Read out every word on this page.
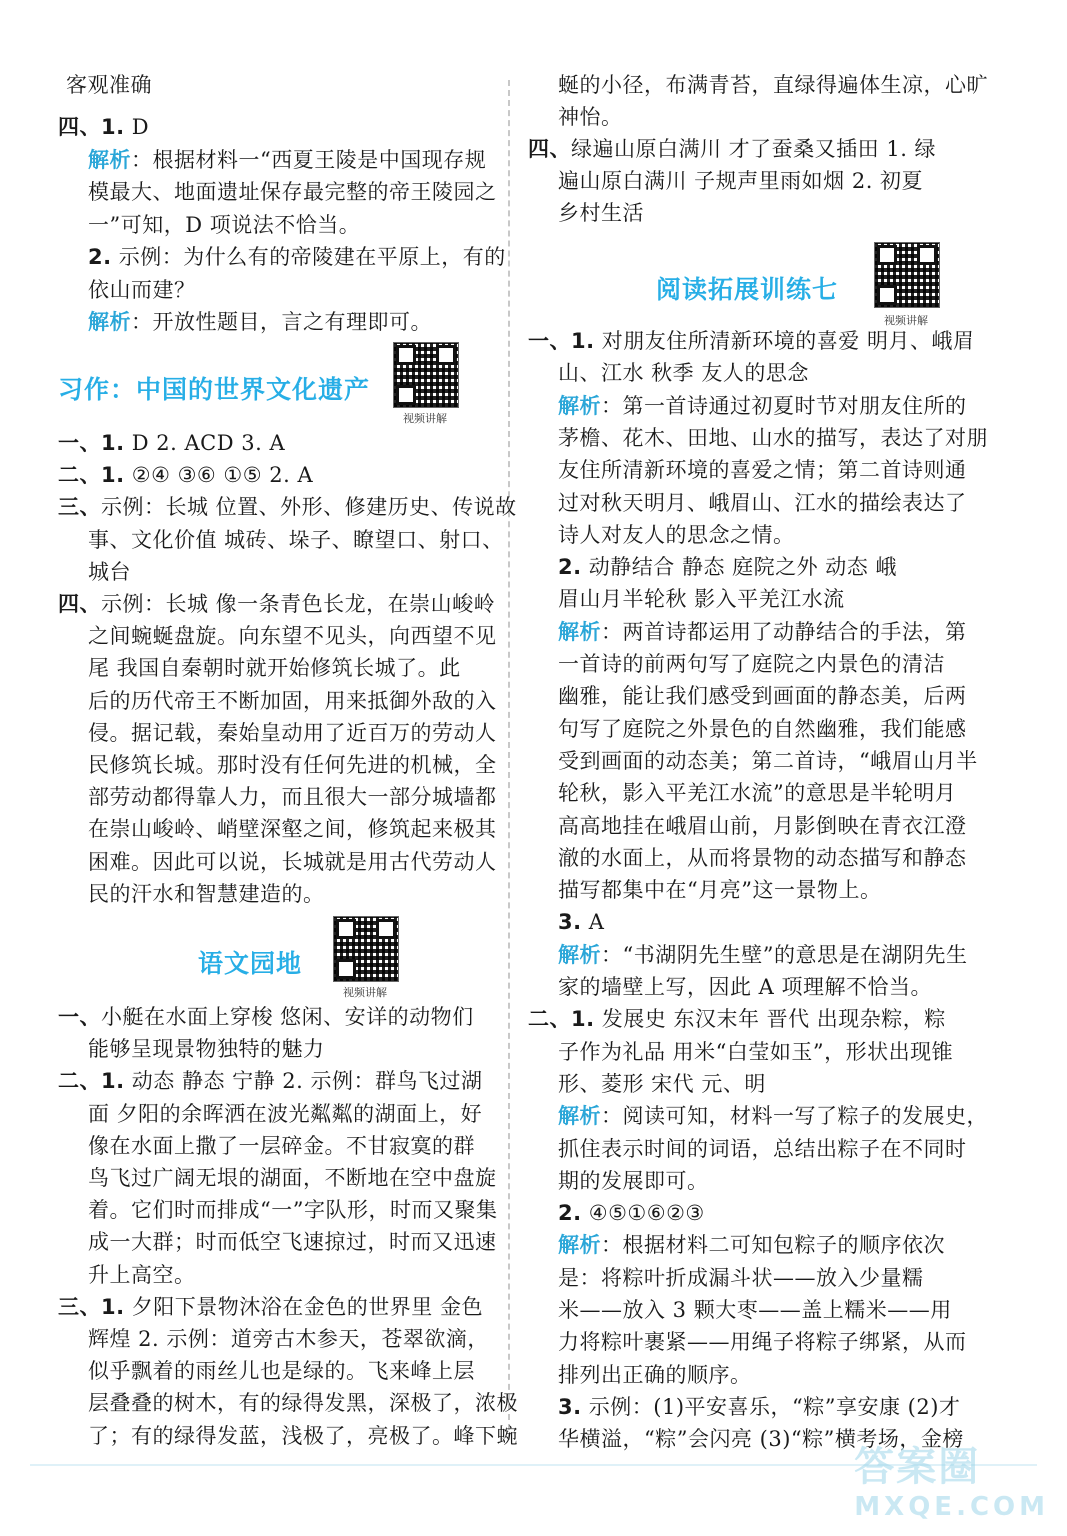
客观准确
四、1. D
解析：根据材料一“西夏王陵是中国现存规
模最大、地面遗址保存最完整的帝王陵园之
一”可知，D 项说法不恰当。
2. 示例：为什么有的帝陵建在平原上，有的
依山而建？
解析：开放性题目，言之有理即可。
习作：中国的世界文化遗产
视频讲解
一、1. D 2. ACD 3. A
二、1. ②④ ③⑥ ①⑤ 2. A
三、示例：长城 位置、外形、修建历史、传说故
事、文化价值 城砖、垛子、瞭望口、射口、
城台
四、示例：长城 像一条青色长龙，在崇山峻岭
之间蜿蜒盘旋。向东望不见头，向西望不见
尾 我国自秦朝时就开始修筑长城了。此
后的历代帝王不断加固，用来抵御外敌的入
侵。据记载，秦始皇动用了近百万的劳动人
民修筑长城。那时没有任何先进的机械，全
部劳动都得靠人力，而且很大一部分城墙都
在崇山峻岭、峭壁深壑之间，修筑起来极其
困难。因此可以说，长城就是用古代劳动人
民的汗水和智慧建造的。
语文园地
视频讲解
一、小艇在水面上穿梭 悠闲、安详的动物们
能够呈现景物独特的魅力
二、1. 动态 静态 宁静 2. 示例：群鸟飞过湖
面 夕阳的余晖洒在波光粼粼的湖面上，好
像在水面上撒了一层碎金。不甘寂寞的群
鸟飞过广阔无垠的湖面，不断地在空中盘旋
着。它们时而排成“一”字队形，时而又聚集
成一大群；时而低空飞速掠过，时而又迅速
升上高空。
三、1. 夕阳下景物沐浴在金色的世界里 金色
辉煌 2. 示例：道旁古木参天，苍翠欲滴，
似乎飘着的雨丝儿也是绿的。飞来峰上层
层叠叠的树木，有的绿得发黑，深极了，浓极
了；有的绿得发蓝，浅极了，亮极了。峰下蜿
蜒的小径，布满青苔，直绿得遍体生凉，心旷
神怡。
四、绿遍山原白满川 才了蚕桑又插田 1. 绿
遍山原白满川 子规声里雨如烟 2. 初夏
乡村生活
阅读拓展训练七
视频讲解
一、1. 对朋友住所清新环境的喜爱 明月、峨眉
山、江水 秋季 友人的思念
解析：第一首诗通过初夏时节对朋友住所的
茅檐、花木、田地、山水的描写，表达了对朋
友住所清新环境的喜爱之情；第二首诗则通
过对秋天明月、峨眉山、江水的描绘表达了
诗人对友人的思念之情。
2. 动静结合 静态 庭院之外 动态 峨
眉山月半轮秋 影入平羌江水流
解析：两首诗都运用了动静结合的手法，第
一首诗的前两句写了庭院之内景色的清洁
幽雅，能让我们感受到画面的静态美，后两
句写了庭院之外景色的自然幽雅，我们能感
受到画面的动态美；第二首诗，“峨眉山月半
轮秋，影入平羌江水流”的意思是半轮明月
高高地挂在峨眉山前，月影倒映在青衣江澄
澈的水面上，从而将景物的动态描写和静态
描写都集中在“月亮”这一景物上。
3. A
解析：“书湖阴先生壁”的意思是在湖阴先生
家的墙壁上写，因此 A 项理解不恰当。
二、1. 发展史 东汉末年 晋代 出现杂粽，粽
子作为礼品 用米“白莹如玉”，形状出现锥
形、菱形 宋代 元、明
解析：阅读可知，材料一写了粽子的发展史，
抓住表示时间的词语，总结出粽子在不同时
期的发展即可。
2. ④⑤①⑥②③
解析：根据材料二可知包粽子的顺序依次
是：将粽叶折成漏斗状——放入少量糯
米——放入 3 颗大枣——盖上糯米——用
力将粽叶裹紧——用绳子将粽子绑紧，从而
排列出正确的顺序。
3. 示例：(1)平安喜乐，“粽”享安康 (2)才
华横溢，“粽”会闪亮 (3)“粽”横考场，金榜
答案圈
MXQE.COM
